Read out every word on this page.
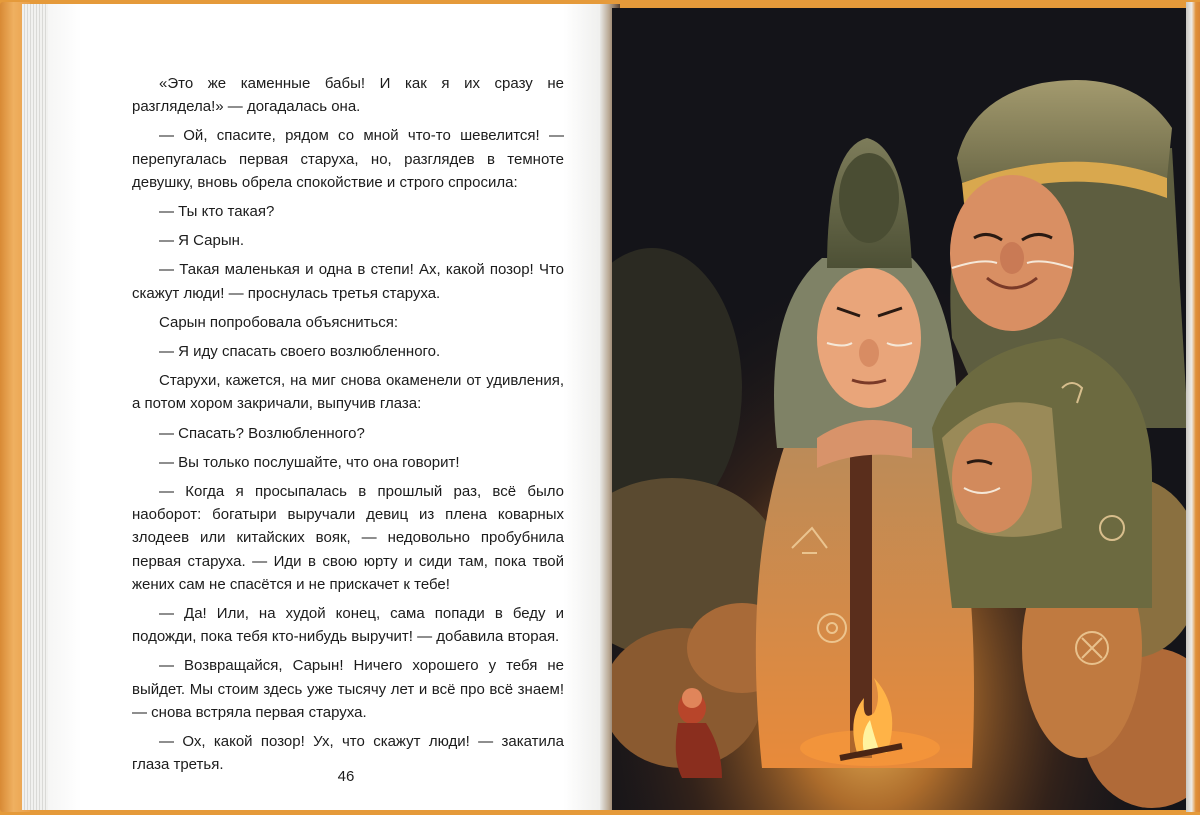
«Это же каменные бабы! И как я их сразу не разглядела!» — догадалась она.

— Ой, спасите, рядом со мной что-то шевелится! — перепугалась первая старуха, но, разглядев в темноте девушку, вновь обрела спокойствие и строго спросила:

— Ты кто такая?

— Я Сарын.

— Такая маленькая и одна в степи! Ах, какой позор! Что скажут люди! — проснулась третья старуха.

Сарын попробовала объясниться:

— Я иду спасать своего возлюбленного.

Старухи, кажется, на миг снова окаменели от удивления, а потом хором закричали, выпучив глаза:

— Спасать? Возлюбленного?

— Вы только послушайте, что она говорит!

— Когда я просыпалась в прошлый раз, всё было наоборот: богатыри выручали девиц из плена коварных злодеев или китайских вояк, — недовольно пробубнила первая старуха. — Иди в свою юрту и сиди там, пока твой жених сам не спасётся и не прискачет к тебе!

— Да! Или, на худой конец, сама попади в беду и подожди, пока тебя кто-нибудь выручит! — добавила вторая.

— Возвращайся, Сарын! Ничего хорошего у тебя не выйдет. Мы стоим здесь уже тысячу лет и всё про всё знаем! — снова встряла первая старуха.

— Ох, какой позор! Ух, что скажут люди! — закатила глаза третья.

46
